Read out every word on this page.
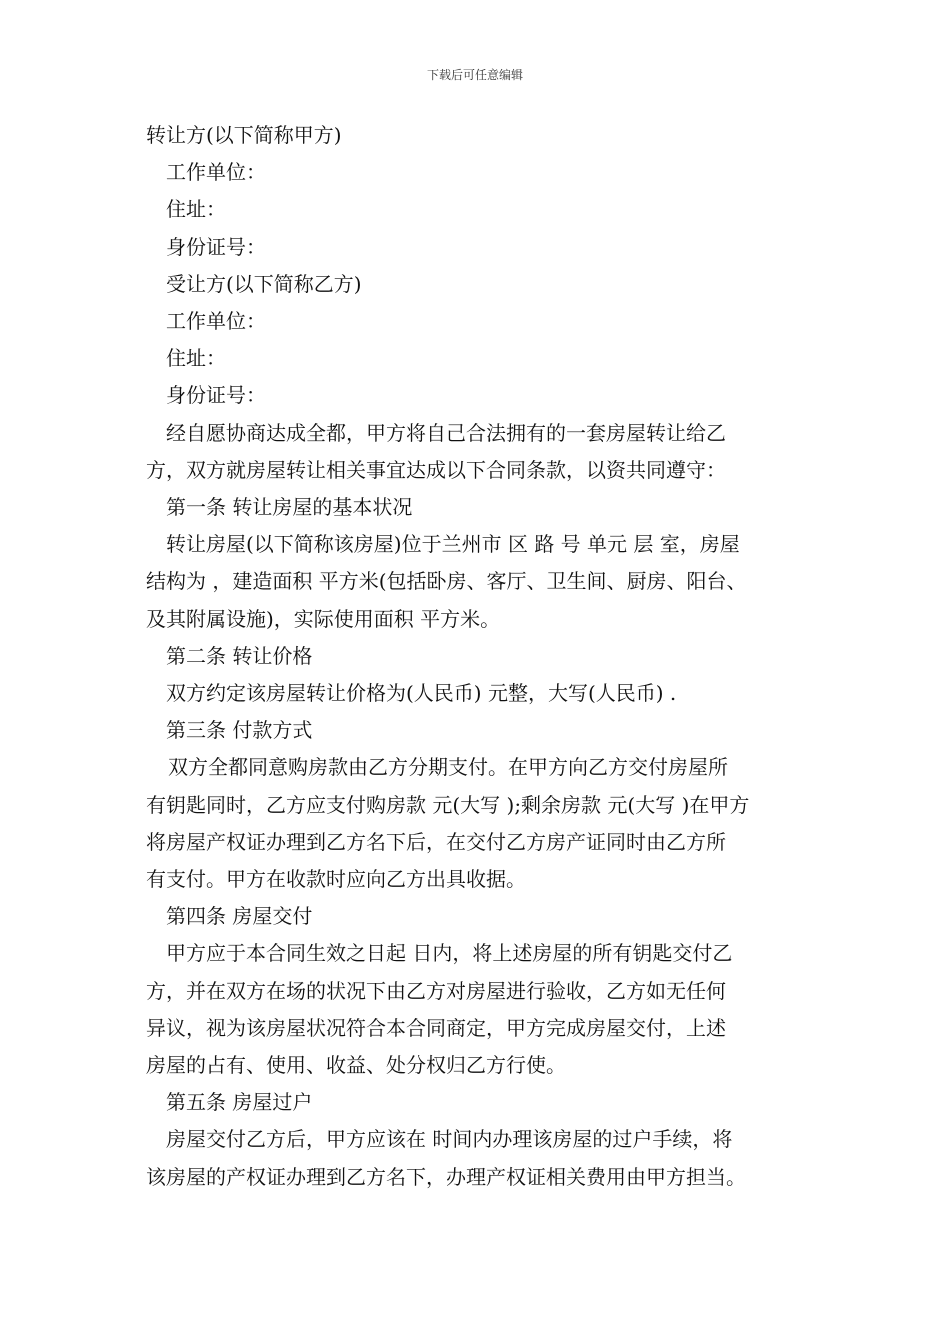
下载后可任意编辑

转让方(以下简称甲方)

工作单位：

住址：

身份证号：

受让方(以下简称乙方)

工作单位：

住址：

身份证号：

经自愿协商达成全都，甲方将自己合法拥有的一套房屋转让给乙

方，双方就房屋转让相关事宜达成以下合同条款，以资共同遵守：

第一条 转让房屋的基本状况

转让房屋(以下简称该房屋)位于兰州市 区 路 号 单元 层 室，房屋

结构为 ，建造面积 平方米(包括卧房、客厅、卫生间、厨房、阳台、

及其附属设施)，实际使用面积 平方米。

第二条 转让价格

双方约定该房屋转让价格为(人民币) 元整，大写(人民币) .

第三条 付款方式

双方全都同意购房款由乙方分期支付。在甲方向乙方交付房屋所

有钥匙同时，乙方应支付购房款 元(大写 );剩余房款 元(大写 )在甲方

将房屋产权证办理到乙方名下后，在交付乙方房产证同时由乙方所

有支付。甲方在收款时应向乙方出具收据。

第四条 房屋交付

甲方应于本合同生效之日起 日内，将上述房屋的所有钥匙交付乙

方，并在双方在场的状况下由乙方对房屋进行验收，乙方如无任何

异议，视为该房屋状况符合本合同商定，甲方完成房屋交付，上述

房屋的占有、使用、收益、处分权归乙方行使。

第五条 房屋过户

房屋交付乙方后，甲方应该在 时间内办理该房屋的过户手续，将

该房屋的产权证办理到乙方名下，办理产权证相关费用由甲方担当。
